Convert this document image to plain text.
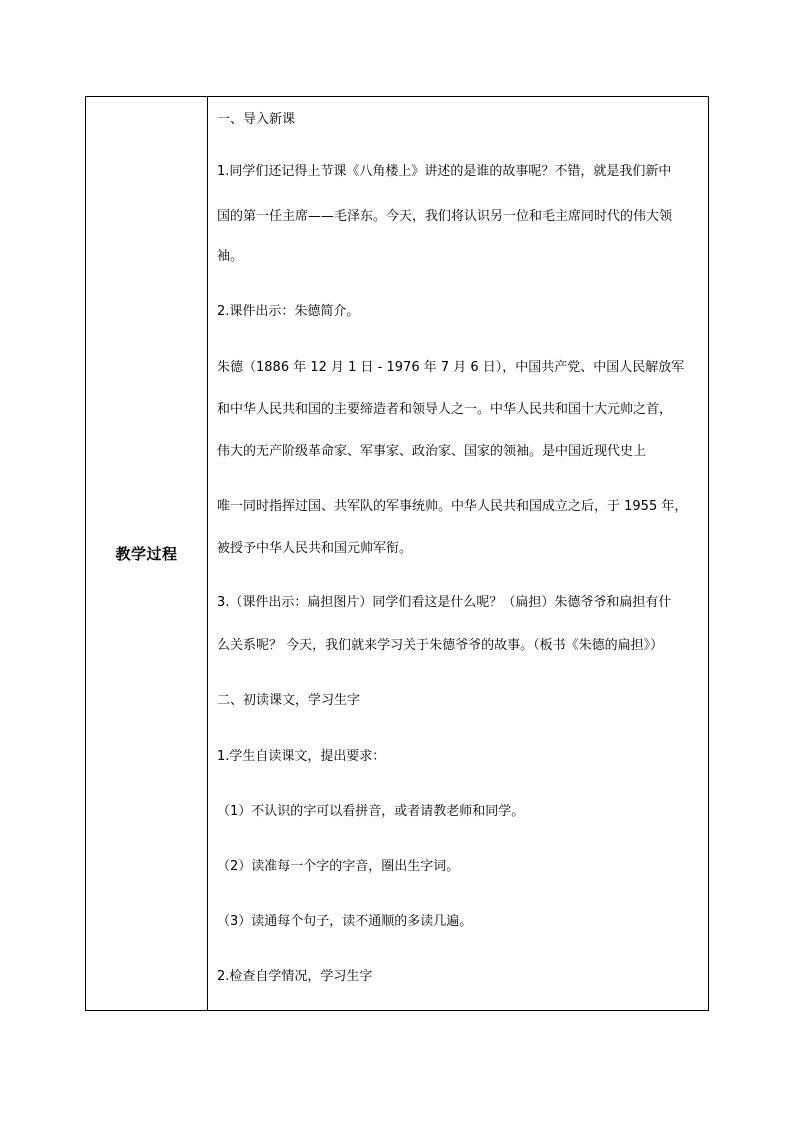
教学过程
一、导入新课
1.同学们还记得上节课《八角楼上》讲述的是谁的故事呢？不错，就是我们新中
国的第一任主席——毛泽东。今天，我们将认识另一位和毛主席同时代的伟大领
袖。
2.课件出示：朱德简介。
朱德（1886 年 12 月 1 日 - 1976 年 7 月 6 日），中国共产党、中国人民解放军
和中华人民共和国的主要缔造者和领导人之一。中华人民共和国十大元帅之首，
伟大的无产阶级革命家、军事家、政治家、国家的领袖。是中国近现代史上
唯一同时指挥过国、共军队的军事统帅。中华人民共和国成立之后，于 1955 年，
被授予中华人民共和国元帅军衔。
3.（课件出示：扁担图片）同学们看这是什么呢？（扁担）朱德爷爷和扁担有什
么关系呢？ 今天，我们就来学习关于朱德爷爷的故事。（板书《朱德的扁担》）
二、初读课文，学习生字
1.学生自读课文，提出要求：
（1）不认识的字可以看拼音，或者请教老师和同学。
（2）读准每一个字的字音，圈出生字词。
（3）读通每个句子，读不通顺的多读几遍。
2.检查自学情况，学习生字
